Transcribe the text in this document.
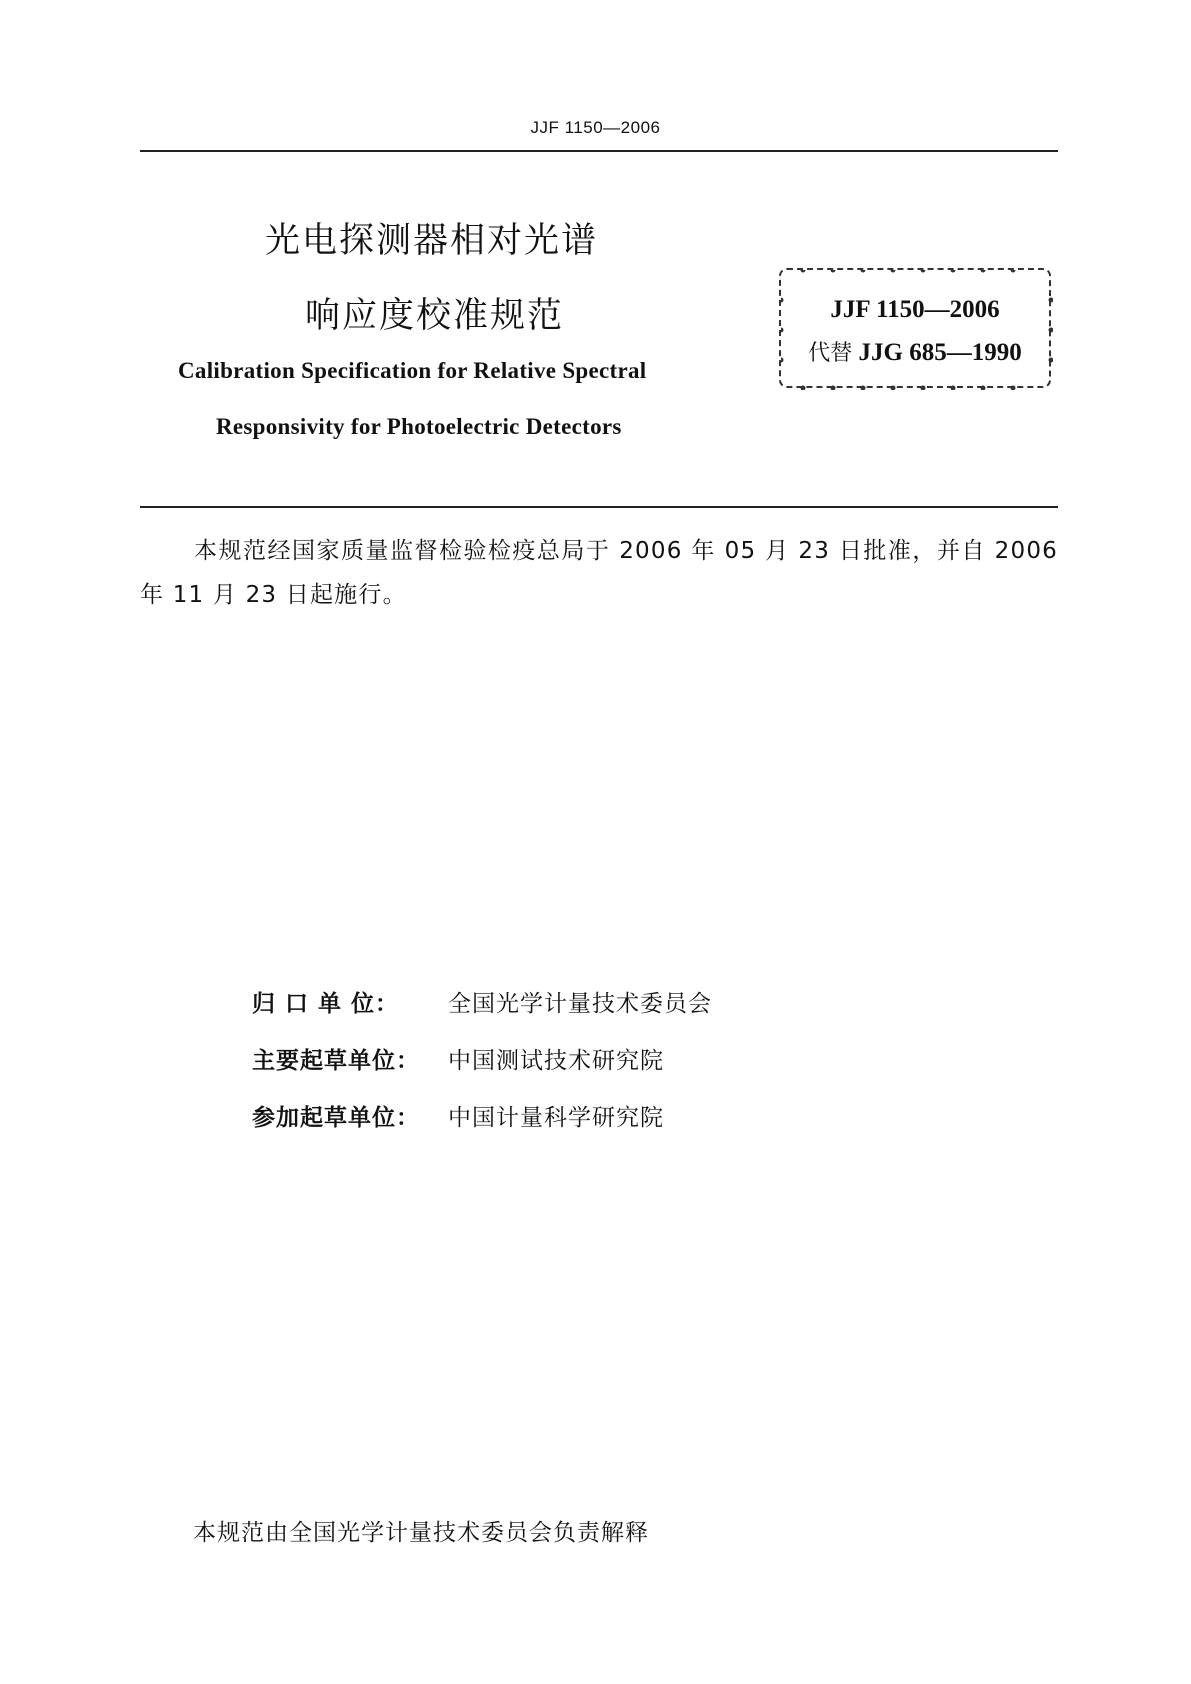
JJF 1150—2006
光电探测器相对光谱
响应度校准规范
Calibration Specification for Relative Spectral
Responsivity for Photoelectric Detectors
JJF 1150—2006
代替 JJG 685—1990
本规范经国家质量监督检验检疫总局于 2006 年 05 月 23 日批准，并自 2006 年 11 月 23 日起施行。
归 口 单 位： 全国光学计量技术委员会
主要起草单位： 中国测试技术研究院
参加起草单位： 中国计量科学研究院
本规范由全国光学计量技术委员会负责解释
